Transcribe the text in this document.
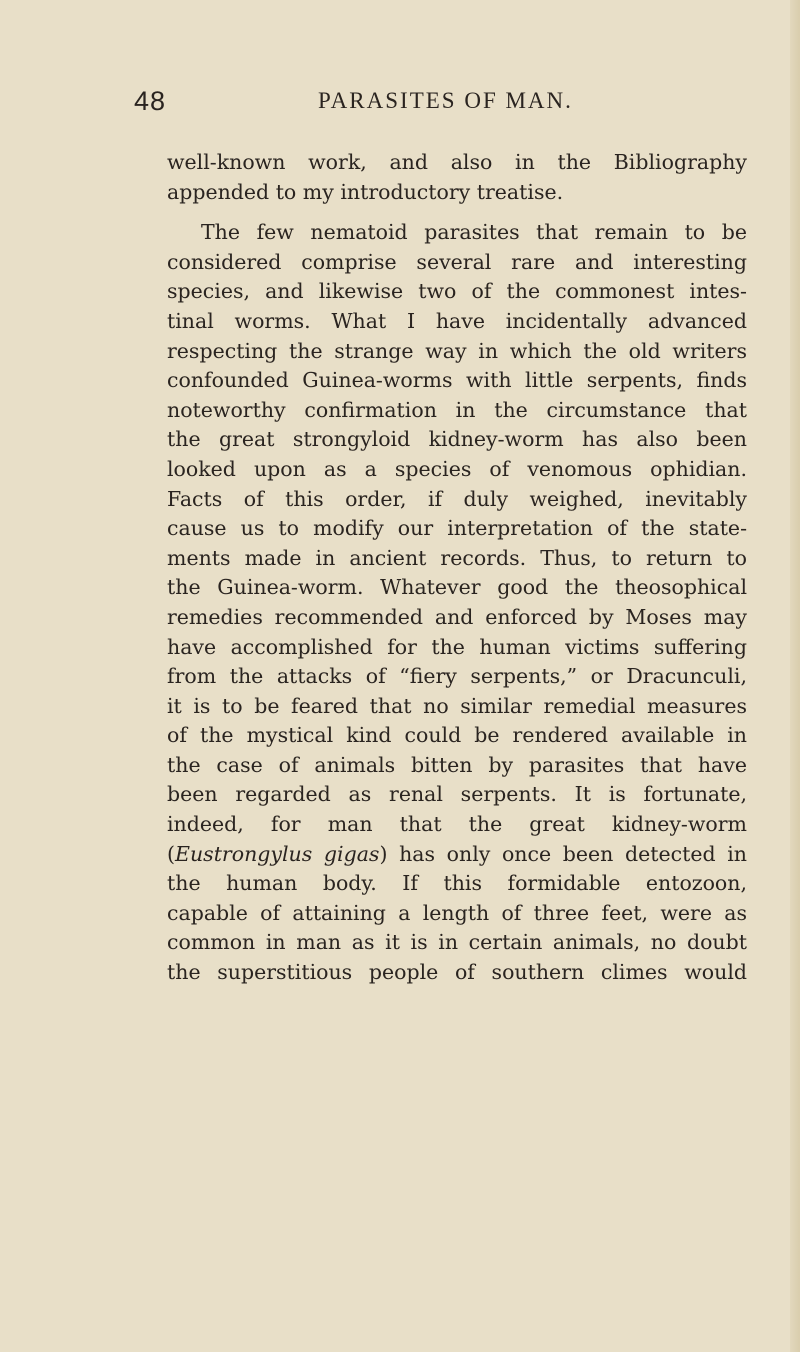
48	PARASITES OF MAN.
well-known work, and also in the Bibliography
appended to my introductory treatise.
The few nematoid parasites that remain to be
considered comprise several rare and interesting
species, and likewise two of the commonest intes-
tinal worms. What I have incidentally advanced
respecting the strange way in which the old writers
confounded Guinea-worms with little serpents, finds
noteworthy confirmation in the circumstance that
the great strongyloid kidney-worm has also been
looked upon as a species of venomous ophidian.
Facts of this order, if duly weighed, inevitably
cause us to modify our interpretation of the state-
ments made in ancient records. Thus, to return to
the Guinea-worm. Whatever good the theosophical
remedies recommended and enforced by Moses may
have accomplished for the human victims suffering
from the attacks of “fiery serpents,” or Dracunculi,
it is to be feared that no similar remedial measures
of the mystical kind could be rendered available in
the case of animals bitten by parasites that have
been regarded as renal serpents. It is fortunate,
indeed, for man that the great kidney-worm
(Eustrongylus gigas) has only once been detected in
the human body. If this formidable entozoon,
capable of attaining a length of three feet, were as
common in man as it is in certain animals, no doubt
the superstitious people of southern climes would
